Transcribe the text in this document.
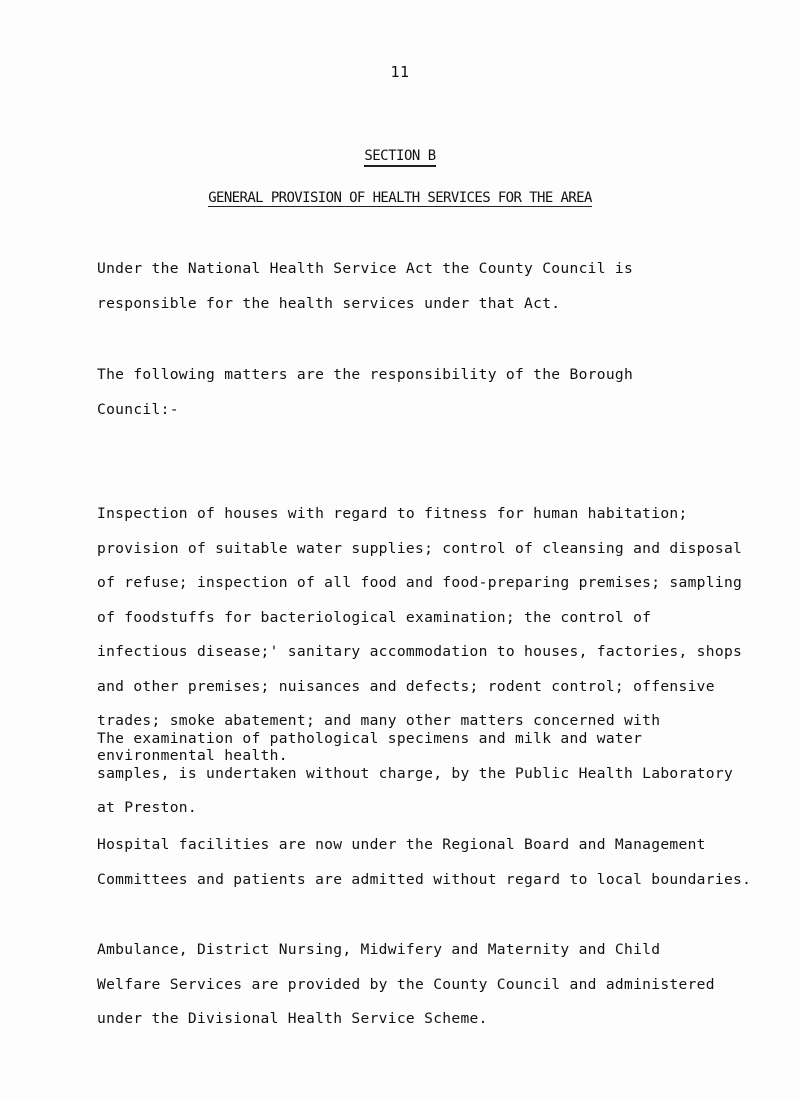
11
SECTION B
GENERAL PROVISION OF HEALTH SERVICES FOR THE AREA
Under the National Health Service Act the County Council is
responsible for the health services under that Act.
The following matters are the responsibility of the Borough
Council:-
Inspection of houses with regard to fitness for human habitation;
provision of suitable water supplies; control of cleansing and disposal
of refuse; inspection of all food and food-preparing premises; sampling
of foodstuffs for bacteriological examination; the control of
infectious disease;' sanitary accommodation to houses, factories, shops
and other premises; nuisances and defects; rodent control; offensive
trades; smoke abatement; and many other matters concerned with
environmental health.
The examination of pathological specimens and milk and water
samples, is undertaken without charge, by the Public Health Laboratory
at Preston.
Hospital facilities are now under the Regional Board and Management
Committees and patients are admitted without regard to local boundaries.
Ambulance, District Nursing, Midwifery and Maternity and Child
Welfare Services are provided by the County Council and administered
under the Divisional Health Service Scheme.
